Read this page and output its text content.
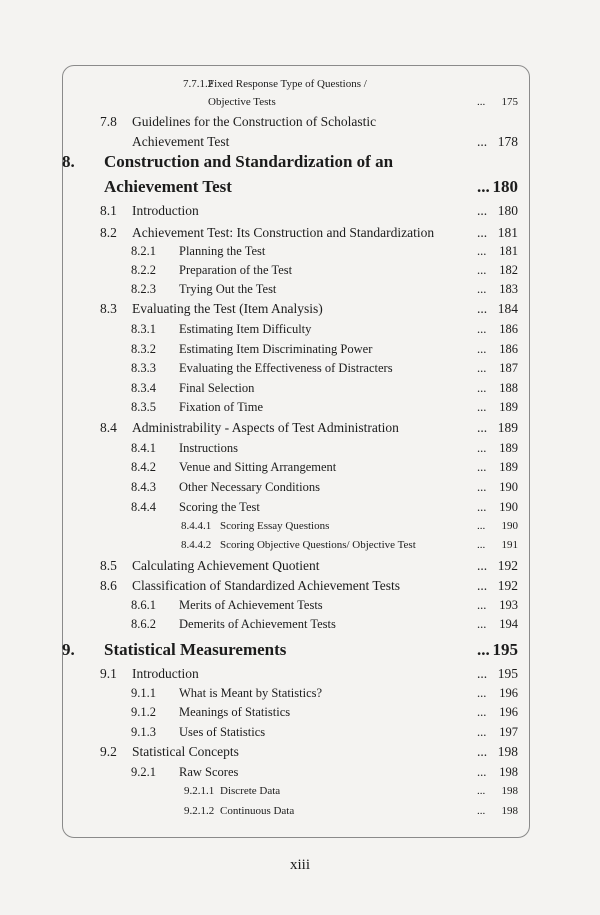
7.7.1.2
Fixed Response Type of Questions /
Objective Tests	... 175
7.8 Guidelines for the Construction of Scholastic
Achievement Test	... 178
8. Construction and Standardization of an
Achievement Test	... 180
8.1 Introduction	... 180
8.2 Achievement Test: Its Construction and Standardization	... 181
8.2.1 Planning the Test	... 181
8.2.2 Preparation of the Test	... 182
8.2.3 Trying Out the Test	... 183
8.3 Evaluating the Test (Item Analysis)	... 184
8.3.1 Estimating Item Difficulty	... 186
8.3.2 Estimating Item Discriminating Power	... 186
8.3.3 Evaluating the Effectiveness of Distracters	... 187
8.3.4 Final Selection	... 188
8.3.5 Fixation of Time	... 189
8.4 Administrability - Aspects of Test Administration	... 189
8.4.1 Instructions	... 189
8.4.2 Venue and Sitting Arrangement	... 189
8.4.3 Other Necessary Conditions	... 190
8.4.4 Scoring the Test	... 190
8.4.4.1 Scoring Essay Questions	... 190
8.4.4.2 Scoring Objective Questions/ Objective Test	... 191
8.5 Calculating Achievement Quotient	... 192
8.6 Classification of Standardized Achievement Tests	... 192
8.6.1 Merits of Achievement Tests	... 193
8.6.2 Demerits of Achievement Tests	... 194
9. Statistical Measurements	... 195
9.1 Introduction	... 195
9.1.1 What is Meant by Statistics?	... 196
9.1.2 Meanings of Statistics	... 196
9.1.3 Uses of Statistics	... 197
9.2 Statistical Concepts	... 198
9.2.1 Raw Scores	... 198
9.2.1.1 Discrete Data	... 198
9.2.1.2 Continuous Data	... 198
xiii
